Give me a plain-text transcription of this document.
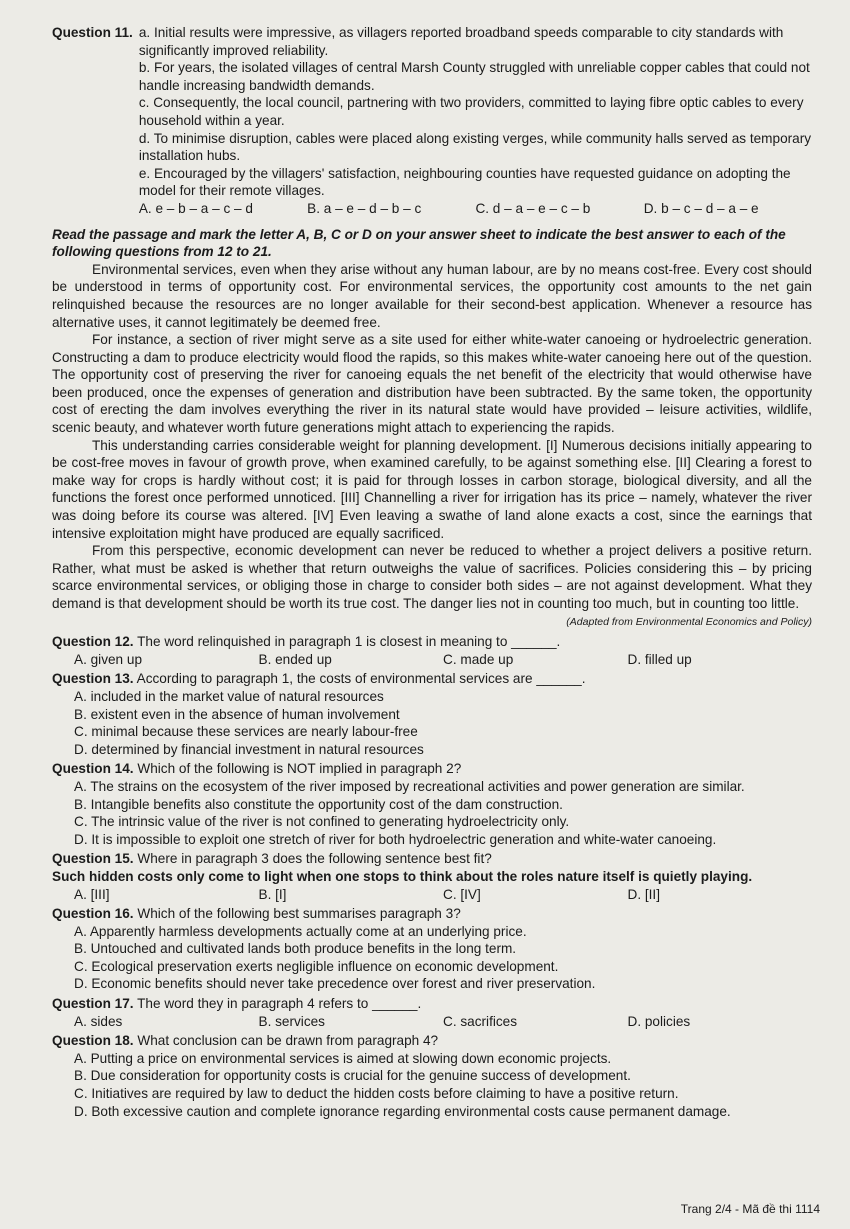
Question 11. a. Initial results were impressive, as villagers reported broadband speeds comparable to city standards with significantly improved reliability.
b. For years, the isolated villages of central Marsh County struggled with unreliable copper cables that could not handle increasing bandwidth demands.
c. Consequently, the local council, partnering with two providers, committed to laying fibre optic cables to every household within a year.
d. To minimise disruption, cables were placed along existing verges, while community halls served as temporary installation hubs.
e. Encouraged by the villagers' satisfaction, neighbouring counties have requested guidance on adopting the model for their remote villages.
A. e – b – a – c – d	B. a – e – d – b – c	C. d – a – e – c – b	D. b – c – d – a – e
Read the passage and mark the letter A, B, C or D on your answer sheet to indicate the best answer to each of the following questions from 12 to 21.

Environmental services, even when they arise without any human labour, are by no means cost-free. Every cost should be understood in terms of opportunity cost. For environmental services, the opportunity cost amounts to the net gain relinquished because the resources are no longer available for their second-best application. Whenever a resource has alternative uses, it cannot legitimately be deemed free.

For instance, a section of river might serve as a site used for either white-water canoeing or hydroelectric generation. Constructing a dam to produce electricity would flood the rapids, so this makes white-water canoeing here out of the question. The opportunity cost of preserving the river for canoeing equals the net benefit of the electricity that would otherwise have been produced, once the expenses of generation and distribution have been subtracted. By the same token, the opportunity cost of erecting the dam involves everything the river in its natural state would have provided – leisure activities, wildlife, scenic beauty, and whatever worth future generations might attach to experiencing the rapids.

This understanding carries considerable weight for planning development. [I] Numerous decisions initially appearing to be cost-free moves in favour of growth prove, when examined carefully, to be against something else. [II] Clearing a forest to make way for crops is hardly without cost; it is paid for through losses in carbon storage, biological diversity, and all the functions the forest once performed unnoticed. [III] Channelling a river for irrigation has its price – namely, whatever the river was doing before its course was altered. [IV] Even leaving a swathe of land alone exacts a cost, since the earnings that intensive exploitation might have produced are equally sacrificed.

From this perspective, economic development can never be reduced to whether a project delivers a positive return. Rather, what must be asked is whether that return outweighs the value of sacrifices. Policies considering this – by pricing scarce environmental services, or obliging those in charge to consider both sides – are not against development. What they demand is that development should be worth its true cost. The danger lies not in counting too much, but in counting too little.

(Adapted from Environmental Economics and Policy)
Question 12. The word relinquished in paragraph 1 is closest in meaning to ______.
A. given up	B. ended up	C. made up	D. filled up
Question 13. According to paragraph 1, the costs of environmental services are ______.
A. included in the market value of natural resources
B. existent even in the absence of human involvement
C. minimal because these services are nearly labour-free
D. determined by financial investment in natural resources
Question 14. Which of the following is NOT implied in paragraph 2?
A. The strains on the ecosystem of the river imposed by recreational activities and power generation are similar.
B. Intangible benefits also constitute the opportunity cost of the dam construction.
C. The intrinsic value of the river is not confined to generating hydroelectricity only.
D. It is impossible to exploit one stretch of river for both hydroelectric generation and white-water canoeing.
Question 15. Where in paragraph 3 does the following sentence best fit?
Such hidden costs only come to light when one stops to think about the roles nature itself is quietly playing.
A. [III]	B. [I]	C. [IV]	D. [II]
Question 16. Which of the following best summarises paragraph 3?
A. Apparently harmless developments actually come at an underlying price.
B. Untouched and cultivated lands both produce benefits in the long term.
C. Ecological preservation exerts negligible influence on economic development.
D. Economic benefits should never take precedence over forest and river preservation.
Question 17. The word they in paragraph 4 refers to ______.
A. sides	B. services	C. sacrifices	D. policies
Question 18. What conclusion can be drawn from paragraph 4?
A. Putting a price on environmental services is aimed at slowing down economic projects.
B. Due consideration for opportunity costs is crucial for the genuine success of development.
C. Initiatives are required by law to deduct the hidden costs before claiming to have a positive return.
D. Both excessive caution and complete ignorance regarding environmental costs cause permanent damage.
Trang 2/4 - Mã đề thi 1114
